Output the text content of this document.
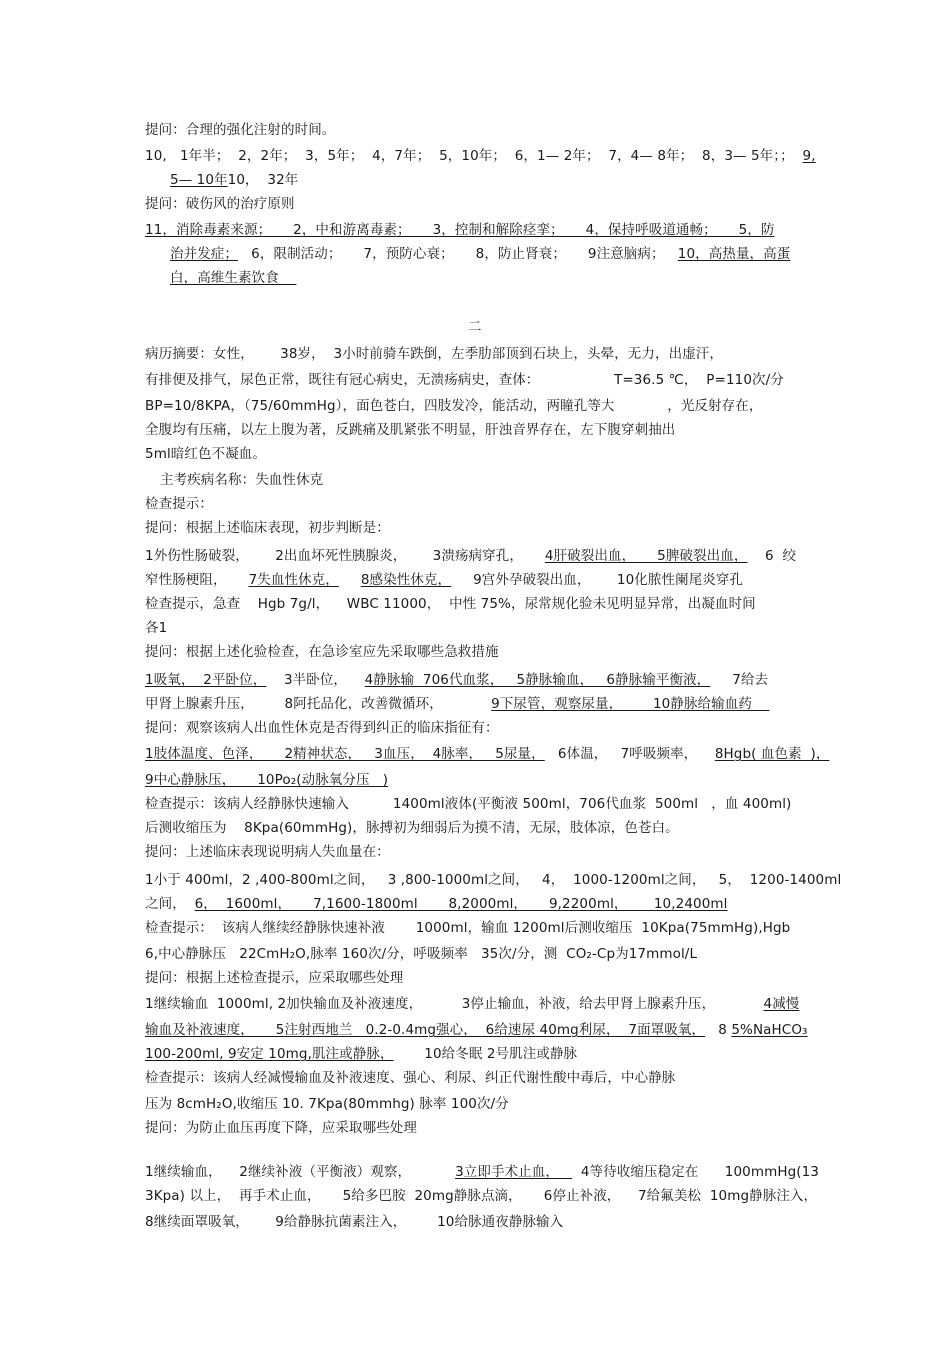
提问：合理的强化注射的时间。
10,   1年半；  2，2年；  3，5年；  4，7年；  5，10年；  6，1— 2年；  7，4— 8年；  8，3— 5年；；  9,
5— 10年10，  32年
提问：破伤风的治疗原则
11，消除毒素来源；     2，中和游离毒素；     3，控制和解除痉挛；     4，保持呼吸道通畅；     5，防
治并发症；   6，限制活动；     7，预防心衰；     8，防止肾衰；     9注意脑病；   10，高热量，高蛋
白，高维生素饮食
二
病历摘要：女性，      38岁，  3小时前骑车跌倒，左季肋部顶到石块上，头晕，无力，出虚汗，
有排便及排气，尿色正常，既往有冠心病史，无溃疡病史，查体：                 T=36.5 ℃，  P=110次/分
BP=10/8KPA，（75/60mmHg），面色苍白，四肢发冷，能活动，两瞳孔等大            ，光反射存在，
全腹均有压痛，以左上腹为著，反跳痛及肌紧张不明显，肝浊音界存在，左下腹穿刺抽出
5ml暗红色不凝血。
主考疾病名称：失血性休克
检查提示：
提问：根据上述临床表现，初步判断是：
1外伤性肠破裂，      2出血坏死性胰腺炎，      3溃疡病穿孔，     4肝破裂出血，     5脾破裂出血，    6  绞
窄性肠梗阻，     7失血性休克， 8感染性休克，     9宫外孕破裂出血，      10化脓性阑尾炎穿孔
检查提示，急查    Hgb 7g/l，    WBC 11000，  中性 75%，尿常规化验未见明显异常，出凝血时间
各1
提问：根据上述化验检查，在急诊室应先采取哪些急救措施
1吸氧，  2平卧位，    3半卧位，    4静脉输  706代血浆，   5静脉输血，   6静脉输平衡液，     7给去
甲肾上腺素升压，       8阿托品化，改善微循环，           9下尿管，观察尿量，       10静脉给输血药
提问：观察该病人出血性休克是否得到纠正的临床指征有：
1肢体温度、色泽，     2精神状态，   3血压，  4脉率，   5尿量，   6体温，   7呼吸频率，    8Hgb( 血色素  )，
9中心静脉压，     10Po₂(动脉氧分压   )
检查提示：该病人经静脉快速输入          1400ml液体(平衡液 500ml，706代血浆  500ml   ，血 400ml)
后测收缩压为    8Kpa(60mmHg)，脉搏初为细弱后为摸不清，无尿，肢体凉，色苍白。
提问：上述临床表现说明病人失血量在：
1小于 400ml，2 ,400-800ml之间，   3 ,800-1000ml之间，   4，  1000-1200ml之间，   5，  1200-1400ml
之间，  6，  1600ml，     7,1600-1800ml       8,2000ml，     9,2200ml，      10,2400ml
检查提示：  该病人继续经静脉快速补液       1000ml，输血 1200ml后测收缩压  10Kpa(75mmHg),Hgb
6,中心静脉压   22CmH₂O,脉率 160次/分，呼吸频率   35次/分，测  CO₂-Cp为17mmol/L
提问：根据上述检查提示，应采取哪些处理
1继续输血  1000ml, 2加快输血及补液速度，         3停止输血，补液，给去甲肾上腺素升压，           4减慢
输血及补液速度，     5注射西地兰   0.2-0.4mg强心，  6给速尿 40mg利尿，  7面罩吸氧，   8 5%NaHCO₃
100-200ml, 9安定 10mg,肌注或静脉，       10给冬眠 2号肌注或静脉
检查提示：该病人经减慢输血及补液速度、强心、利尿、纠正代谢性酸中毒后，中心静脉
压为 8cmH₂O,收缩压 10. 7Kpa(80mmhg) 脉率 100次/分
提问：为防止血压再度下降，应采取哪些处理
1继续输血，    2继续补液（平衡液）观察，          3立即手术止血，     4等待收缩压稳定在      100mmHg(13
3Kpa) 以上，  再手术止血，     5给多巴胺  20mg静脉点滴，     6停止补液，    7给氟美松  10mg静脉注入，
8继续面罩吸氧，      9给静脉抗菌素注入，       10给脉通夜静脉输入
